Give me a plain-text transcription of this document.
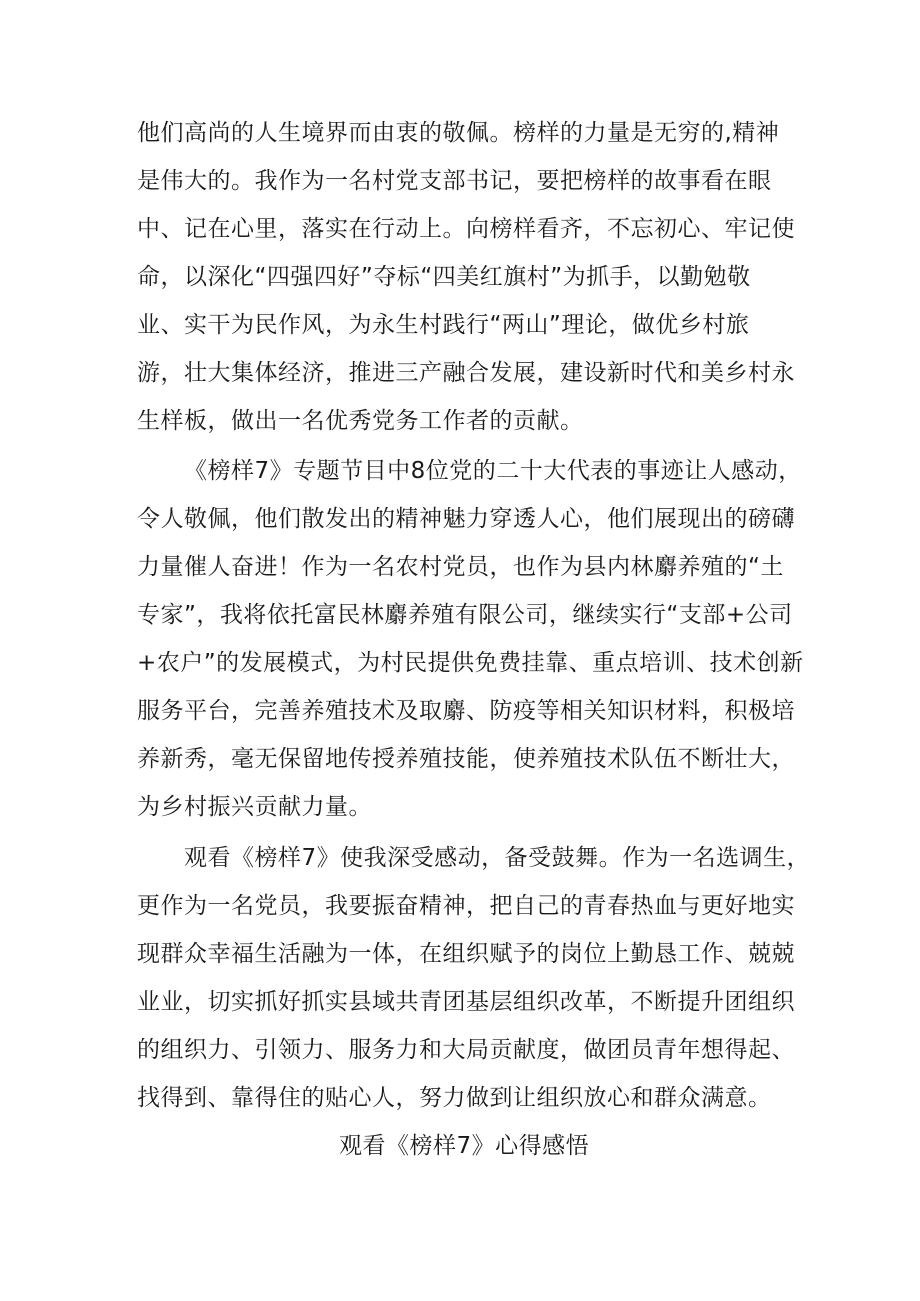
他们高尚的人生境界而由衷的敬佩。榜样的力量是无穷的,精神
是伟大的。我作为一名村党支部书记，要把榜样的故事看在眼
中、记在心里，落实在行动上。向榜样看齐，不忘初心、牢记使
命，以深化“四强四好”夺标“四美红旗村”为抓手，以勤勉敬
业、实干为民作风，为永生村践行“两山”理论，做优乡村旅
游，壮大集体经济，推进三产融合发展，建设新时代和美乡村永
生样板，做出一名优秀党务工作者的贡献。
《榜样7》专题节目中8位党的二十大代表的事迹让人感动，
令人敬佩，他们散发出的精神魅力穿透人心，他们展现出的磅礴
力量催人奋进！作为一名农村党员，也作为县内林麝养殖的“土
专家”，我将依托富民林麝养殖有限公司，继续实行“支部+公司
+农户”的发展模式，为村民提供免费挂靠、重点培训、技术创新
服务平台，完善养殖技术及取麝、防疫等相关知识材料，积极培
养新秀，毫无保留地传授养殖技能，使养殖技术队伍不断壮大，
为乡村振兴贡献力量。
观看《榜样7》使我深受感动，备受鼓舞。作为一名选调生，
更作为一名党员，我要振奋精神，把自己的青春热血与更好地实
现群众幸福生活融为一体，在组织赋予的岗位上勤恳工作、兢兢
业业，切实抓好抓实县域共青团基层组织改革，不断提升团组织
的组织力、引领力、服务力和大局贡献度，做团员青年想得起、
找得到、靠得住的贴心人，努力做到让组织放心和群众满意。
观看《榜样7》心得感悟
